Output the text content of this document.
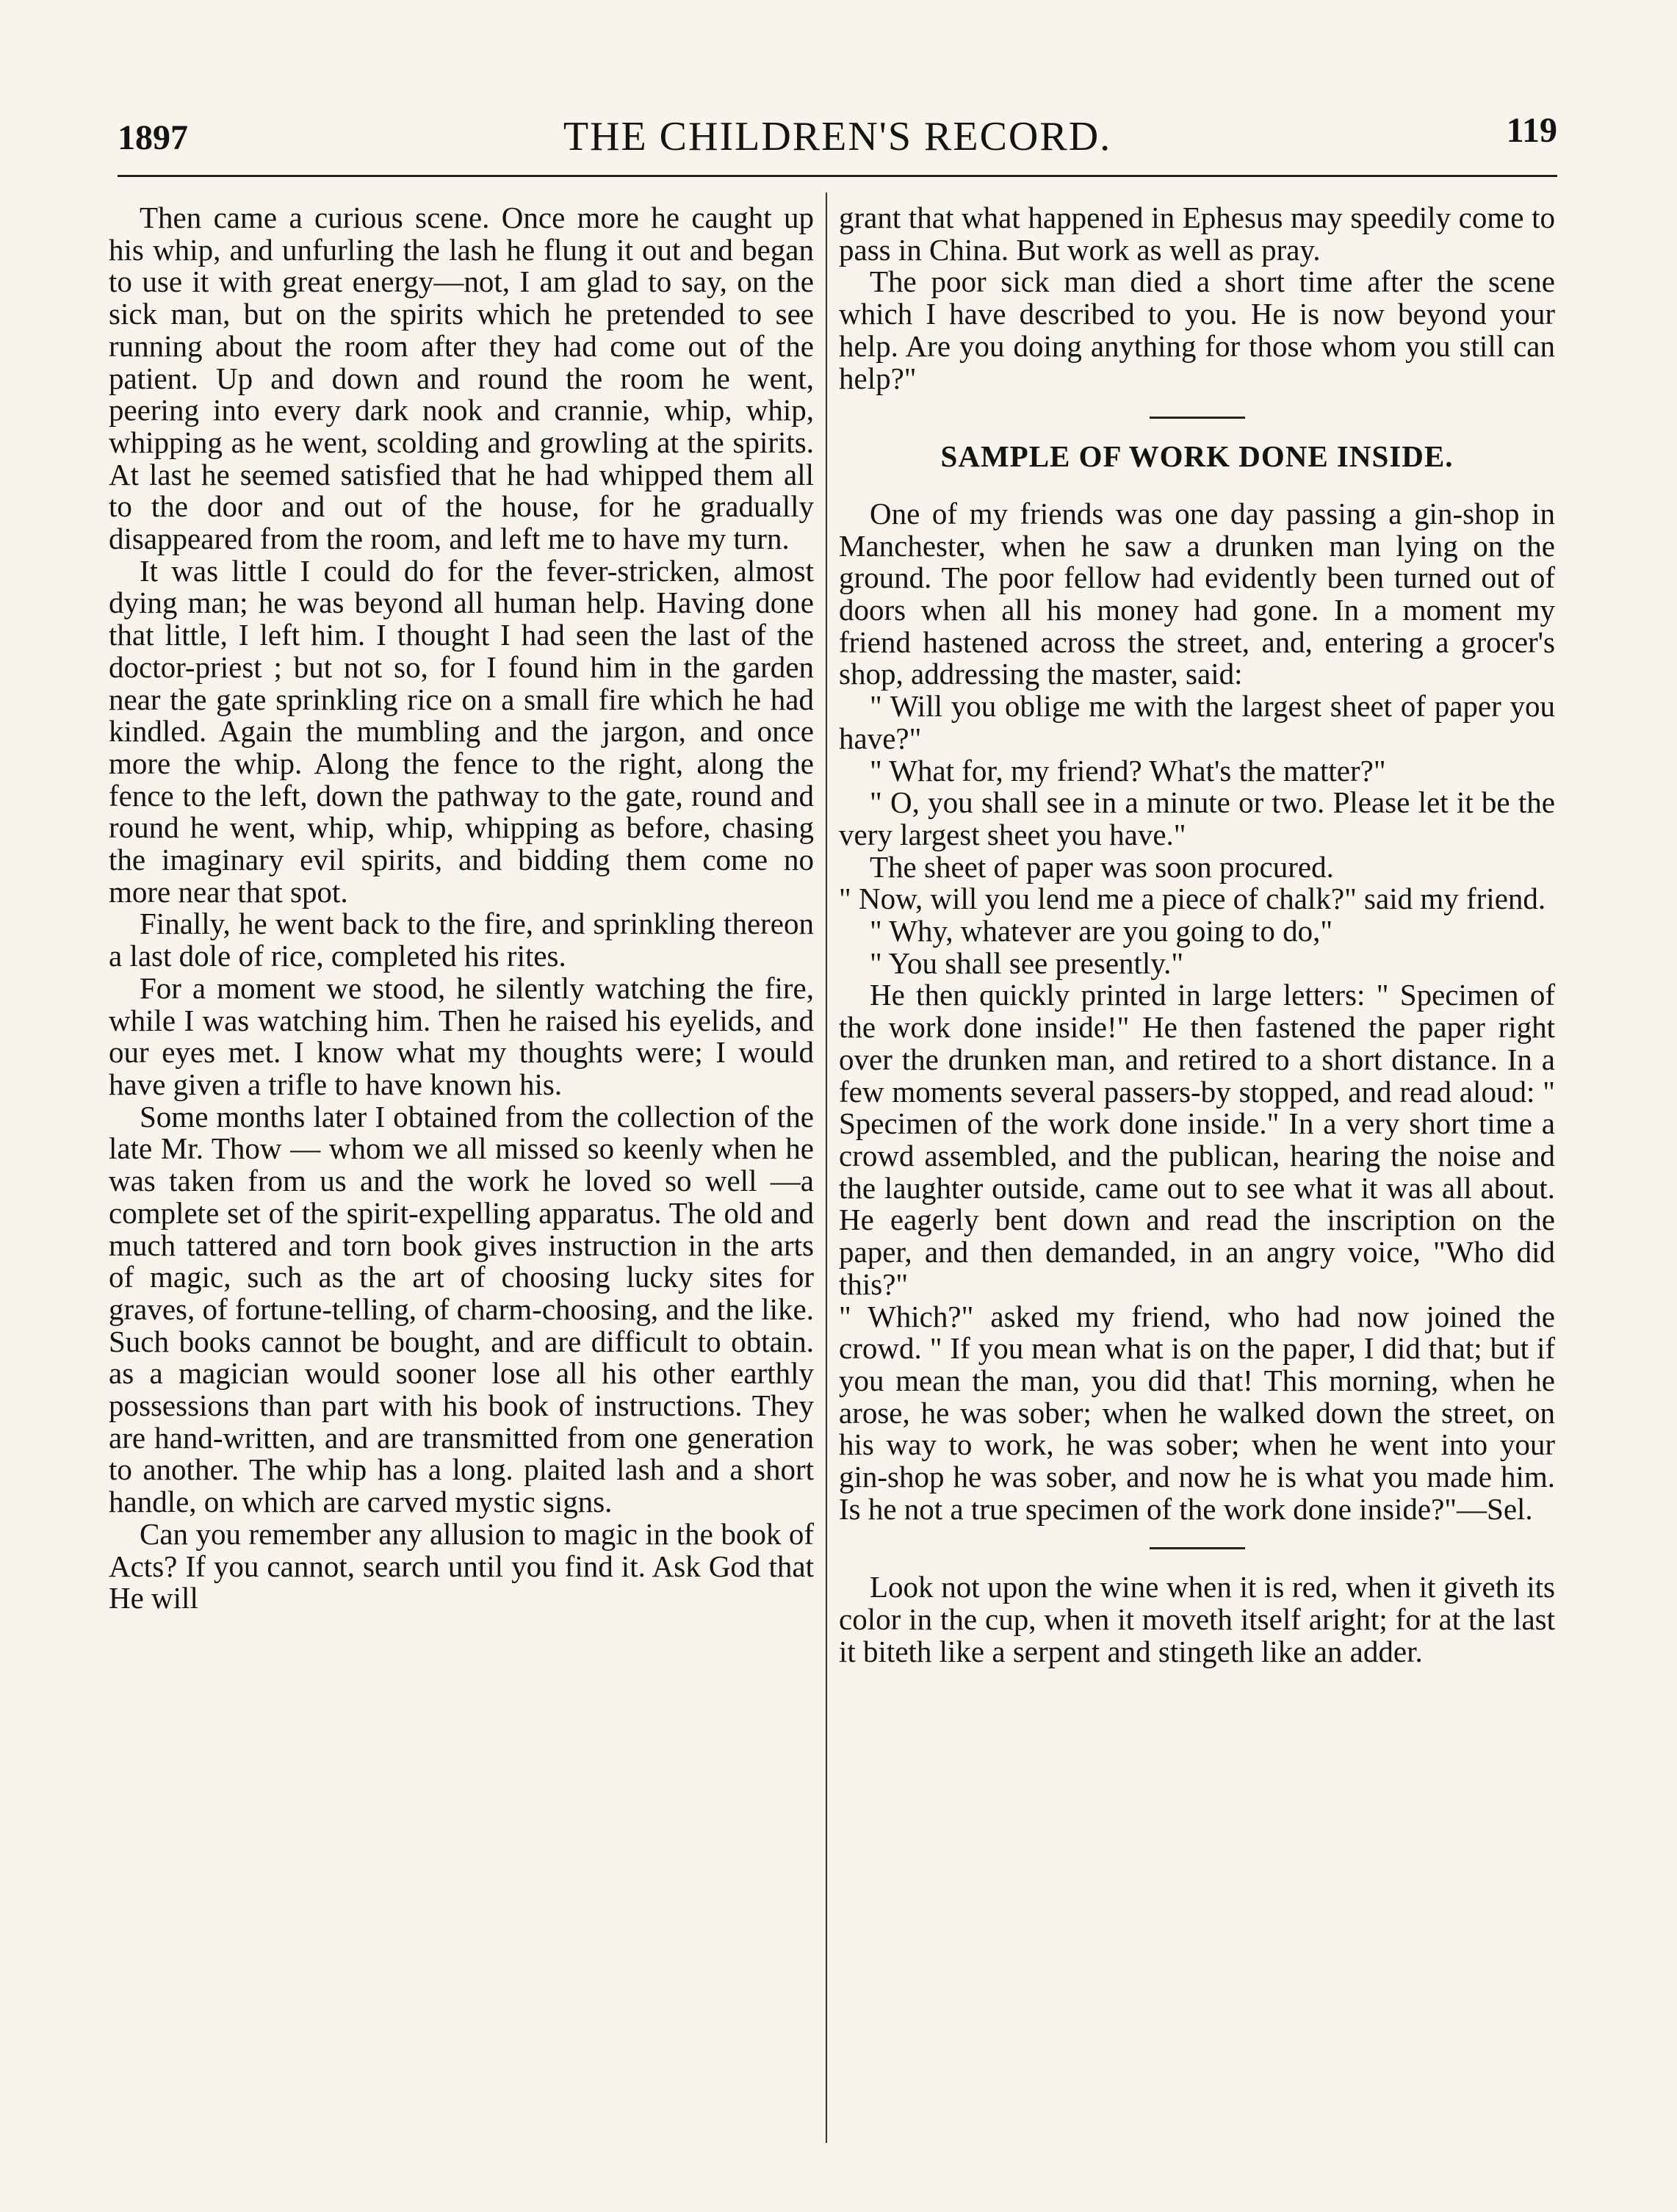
1897	THE CHILDREN'S RECORD.	119

Then came a curious scene. Once more he caught up his whip, and unfurling the lash he flung it out and began to use it with great energy—not, I am glad to say, on the sick man, but on the spirits which he pretended to see running about the room after they had come out of the patient. Up and down and round the room he went, peering into every dark nook and crannie, whip, whip, whipping as he went, scolding and growling at the spirits. At last he seemed satisfied that he had whipped them all to the door and out of the house, for he gradually disappeared from the room, and left me to have my turn.

It was little I could do for the fever-stricken, almost dying man; he was beyond all human help. Having done that little, I left him. I thought I had seen the last of the doctor-priest ; but not so, for I found him in the garden near the gate sprinkling rice on a small fire which he had kindled. Again the mumbling and the jargon, and once more the whip. Along the fence to the right, along the fence to the left, down the pathway to the gate, round and round he went, whip, whip, whipping as before, chasing the imaginary evil spirits, and bidding them come no more near that spot.

Finally, he went back to the fire, and sprinkling thereon a last dole of rice, completed his rites.

For a moment we stood, he silently watching the fire, while I was watching him. Then he raised his eyelids, and our eyes met. I know what my thoughts were; I would have given a trifle to have known his.

Some months later I obtained from the collection of the late Mr. Thow — whom we all missed so keenly when he was taken from us and the work he loved so well —a complete set of the spirit-expelling apparatus. The old and much tattered and torn book gives instruction in the arts of magic, such as the art of choosing lucky sites for graves, of fortune-telling, of charm-choosing, and the like. Such books cannot be bought, and are difficult to obtain. as a magician would sooner lose all his other earthly possessions than part with his book of instructions. They are hand-written, and are transmitted from one generation to another. The whip has a long. plaited lash and a short handle, on which are carved mystic signs.

Can you remember any allusion to magic in the book of Acts? If you cannot, search until you find it. Ask God that He will

grant that what happened in Ephesus may speedily come to pass in China. But work as well as pray.

The poor sick man died a short time after the scene which I have described to you. He is now beyond your help. Are you doing anything for those whom you still can help?"

SAMPLE OF WORK DONE INSIDE.

One of my friends was one day passing a gin-shop in Manchester, when he saw a drunken man lying on the ground. The poor fellow had evidently been turned out of doors when all his money had gone. In a moment my friend hastened across the street, and, entering a grocer's shop, addressing the master, said:

" Will you oblige me with the largest sheet of paper you have?"

" What for, my friend? What's the matter?"

" O, you shall see in a minute or two. Please let it be the very largest sheet you have."

The sheet of paper was soon procured.

" Now, will you lend me a piece of chalk?" said my friend.

" Why, whatever are you going to do,"

" You shall see presently."

He then quickly printed in large letters: " Specimen of the work done inside!" He then fastened the paper right over the drunken man, and retired to a short distance. In a few moments several passers-by stopped, and read aloud: " Specimen of the work done inside." In a very short time a crowd assembled, and the publican, hearing the noise and the laughter outside, came out to see what it was all about. He eagerly bent down and read the inscription on the paper, and then demanded, in an angry voice, "Who did this?"

" Which?" asked my friend, who had now joined the crowd. " If you mean what is on the paper, I did that; but if you mean the man, you did that! This morning, when he arose, he was sober; when he walked down the street, on his way to work, he was sober; when he went into your gin-shop he was sober, and now he is what you made him. Is he not a true specimen of the work done inside?"—Sel.

Look not upon the wine when it is red, when it giveth its color in the cup, when it moveth itself aright; for at the last it biteth like a serpent and stingeth like an adder.
